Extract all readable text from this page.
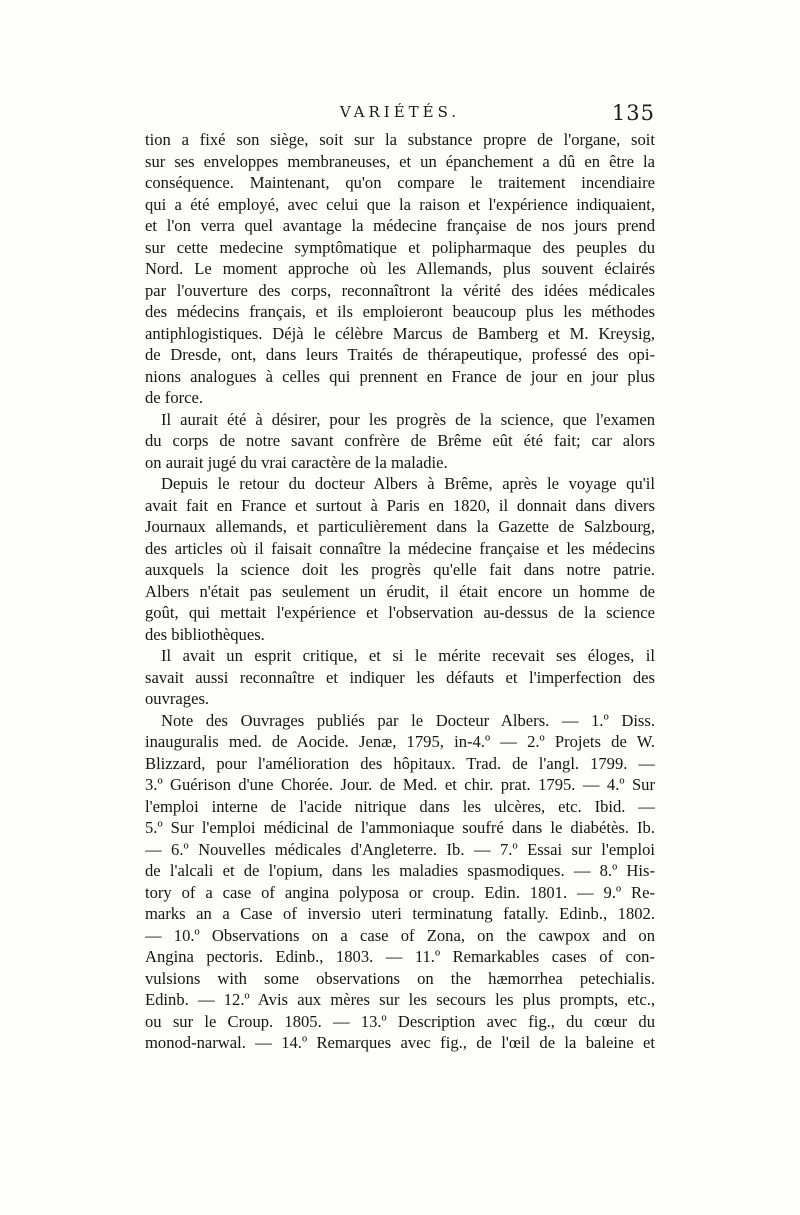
VARIÉTÉS.	135
tion a fixé son siège, soit sur la substance propre de l'organe, soit
sur ses enveloppes membraneuses, et un épanchement a dû en être la
conséquence. Maintenant, qu'on compare le traitement incendiaire
qui a été employé, avec celui que la raison et l'expérience indiquaient,
et l'on verra quel avantage la médecine française de nos jours prend
sur cette medecine symptômatique et polipharmaque des peuples du
Nord. Le moment approche où les Allemands, plus souvent éclairés
par l'ouverture des corps, reconnaîtront la vérité des idées médicales
des médecins français, et ils emploieront beaucoup plus les méthodes
antiphlogistiques. Déjà le célèbre Marcus de Bamberg et M. Kreysig,
de Dresde, ont, dans leurs Traités de thérapeutique, professé des opi-
nions analogues à celles qui prennent en France de jour en jour plus
de force.
Il aurait été à désirer, pour les progrès de la science, que l'examen
du corps de notre savant confrère de Brême eût été fait; car alors
on aurait jugé du vrai caractère de la maladie.
Depuis le retour du docteur Albers à Brême, après le voyage qu'il
avait fait en France et surtout à Paris en 1820, il donnait dans divers
Journaux allemands, et particulièrement dans la Gazette de Salzbourg,
des articles où il faisait connaître la médecine française et les médecins
auxquels la science doit les progrès qu'elle fait dans notre patrie.
Albers n'était pas seulement un érudit, il était encore un homme de
goût, qui mettait l'expérience et l'observation au-dessus de la science
des bibliothèques.
Il avait un esprit critique, et si le mérite recevait ses éloges, il
savait aussi reconnaître et indiquer les défauts et l'imperfection des
ouvrages.
Note des Ouvrages publiés par le Docteur Albers. — 1.º Diss.
inauguralis med. de Aocide. Jenæ, 1795, in-4.º — 2.º Projets de W.
Blizzard, pour l'amélioration des hôpitaux. Trad. de l'angl. 1799. —
3.º Guérison d'une Chorée. Jour. de Med. et chir. prat. 1795. — 4.º Sur
l'emploi interne de l'acide nitrique dans les ulcères, etc. Ibid. —
5.º Sur l'emploi médicinal de l'ammoniaque soufré dans le diabétès. Ib.
— 6.º Nouvelles médicales d'Angleterre. Ib. — 7.º Essai sur l'emploi
de l'alcali et de l'opium, dans les maladies spasmodiques. — 8.º His-
tory of a case of angina polyposa or croup. Edin. 1801. — 9.º Re-
marks an a Case of inversio uteri terminatung fatally. Edinb., 1802.
— 10.º Observations on a case of Zona, on the cawpox and on
Angina pectoris. Edinb., 1803. — 11.º Remarkables cases of con-
vulsions with some observations on the hæmorrhea petechialis.
Edinb. — 12.º Avis aux mères sur les secours les plus prompts, etc.,
ou sur le Croup. 1805. — 13.º Description avec fig., du cœur du
monod-narwal. — 14.º Remarques avec fig., de l'œil de la baleine et
